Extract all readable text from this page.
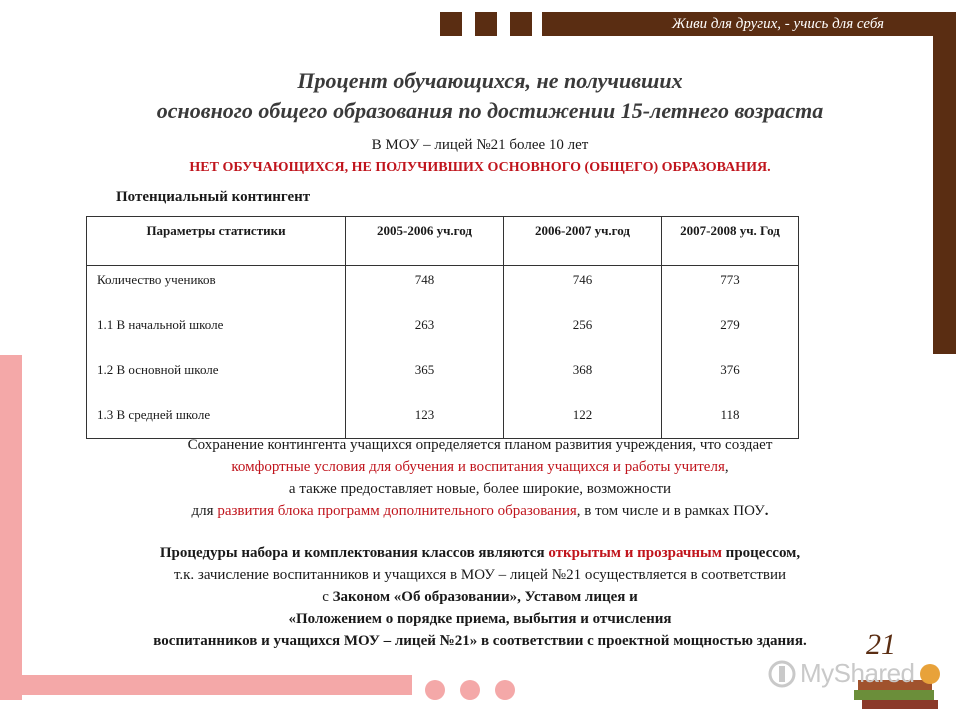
Живи для других, - учись для себя
Процент обучающихся, не получивших
основного общего образования по достижении 15-летнего возраста
В МОУ – лицей №21 более 10 лет
НЕТ ОБУЧАЮЩИХСЯ, НЕ ПОЛУЧИВШИХ ОСНОВНОГО (ОБЩЕГО) ОБРАЗОВАНИЯ.
Потенциальный контингент
Параметры статистики	2005-2006 уч.год	2006-2007 уч.год	2007-2008 уч. Год
Количество учеников	748	746	773
1.1 В начальной школе	263	256	279
1.2 В основной школе	365	368	376
1.3 В средней школе	123	122	118
Сохранение контингента учащихся определяется планом развития учреждения, что создает
комфортные условия для обучения и воспитания учащихся и работы учителя,
а также предоставляет новые, более широкие, возможности
для развития блока программ дополнительного образования, в том числе и в рамках ПОУ.
Процедуры набора и комплектования классов являются открытым и прозрачным процессом,
т.к. зачисление воспитанников и учащихся в МОУ – лицей №21 осуществляется в соответствии
с Законом «Об образовании», Уставом лицея и
«Положением о порядке приема, выбытия и отчисления
воспитанников и учащихся МОУ – лицей №21» в соответствии с проектной мощностью здания.	21
MyShared
